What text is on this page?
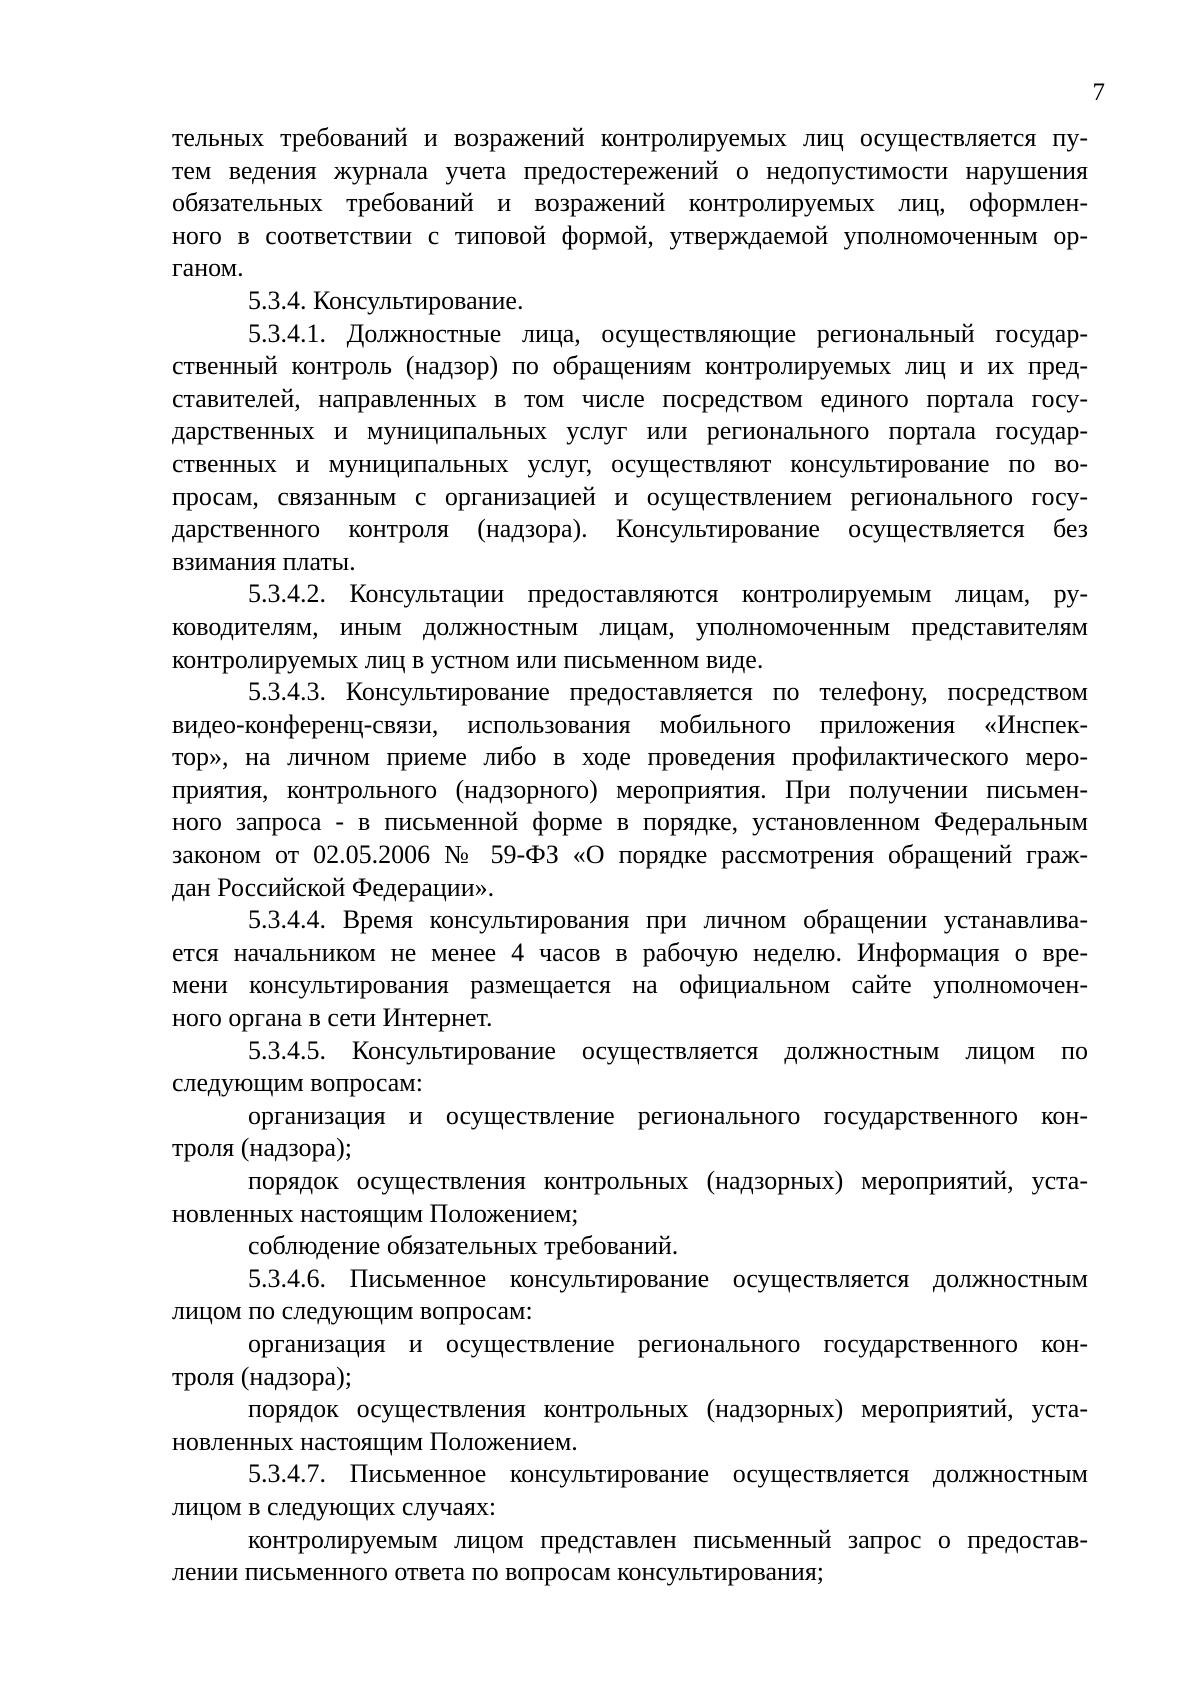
7
тельных требований и возражений контролируемых лиц осуществляется пу-
тем ведения журнала учета предостережений о недопустимости нарушения
обязательных требований и возражений контролируемых лиц, оформлен-
ного в соответствии с типовой формой, утверждаемой уполномоченным ор-
ганом.
5.3.4. Консультирование.
5.3.4.1. Должностные лица, осуществляющие региональный государ-
ственный контроль (надзор) по обращениям контролируемых лиц и их пред-
ставителей, направленных в том числе посредством единого портала госу-
дарственных и муниципальных услуг или регионального портала государ-
ственных и муниципальных услуг, осуществляют консультирование по во-
просам, связанным с организацией и осуществлением регионального госу-
дарственного контроля (надзора). Консультирование осуществляется без
взимания платы.
5.3.4.2. Консультации предоставляются контролируемым лицам, ру-
ководителям, иным должностным лицам, уполномоченным представителям
контролируемых лиц в устном или письменном виде.
5.3.4.3. Консультирование предоставляется по телефону, посредством
видео-конференц-связи, использования мобильного приложения «Инспек-
тор», на личном приеме либо в ходе проведения профилактического меро-
приятия, контрольного (надзорного) мероприятия. При получении письмен-
ного запроса - в письменной форме в порядке, установленном Федеральным
законом от 02.05.2006 № 59-ФЗ «О порядке рассмотрения обращений граж-
дан Российской Федерации».
5.3.4.4. Время консультирования при личном обращении устанавлива-
ется начальником не менее 4 часов в рабочую неделю. Информация о вре-
мени консультирования размещается на официальном сайте уполномочен-
ного органа в сети Интернет.
5.3.4.5. Консультирование осуществляется должностным лицом по
следующим вопросам:
организация и осуществление регионального государственного кон-
троля (надзора);
порядок осуществления контрольных (надзорных) мероприятий, уста-
новленных настоящим Положением;
соблюдение обязательных требований.
5.3.4.6. Письменное консультирование осуществляется должностным
лицом по следующим вопросам:
организация и осуществление регионального государственного кон-
троля (надзора);
порядок осуществления контрольных (надзорных) мероприятий, уста-
новленных настоящим Положением.
5.3.4.7. Письменное консультирование осуществляется должностным
лицом в следующих случаях:
контролируемым лицом представлен письменный запрос о предостав-
лении письменного ответа по вопросам консультирования;
